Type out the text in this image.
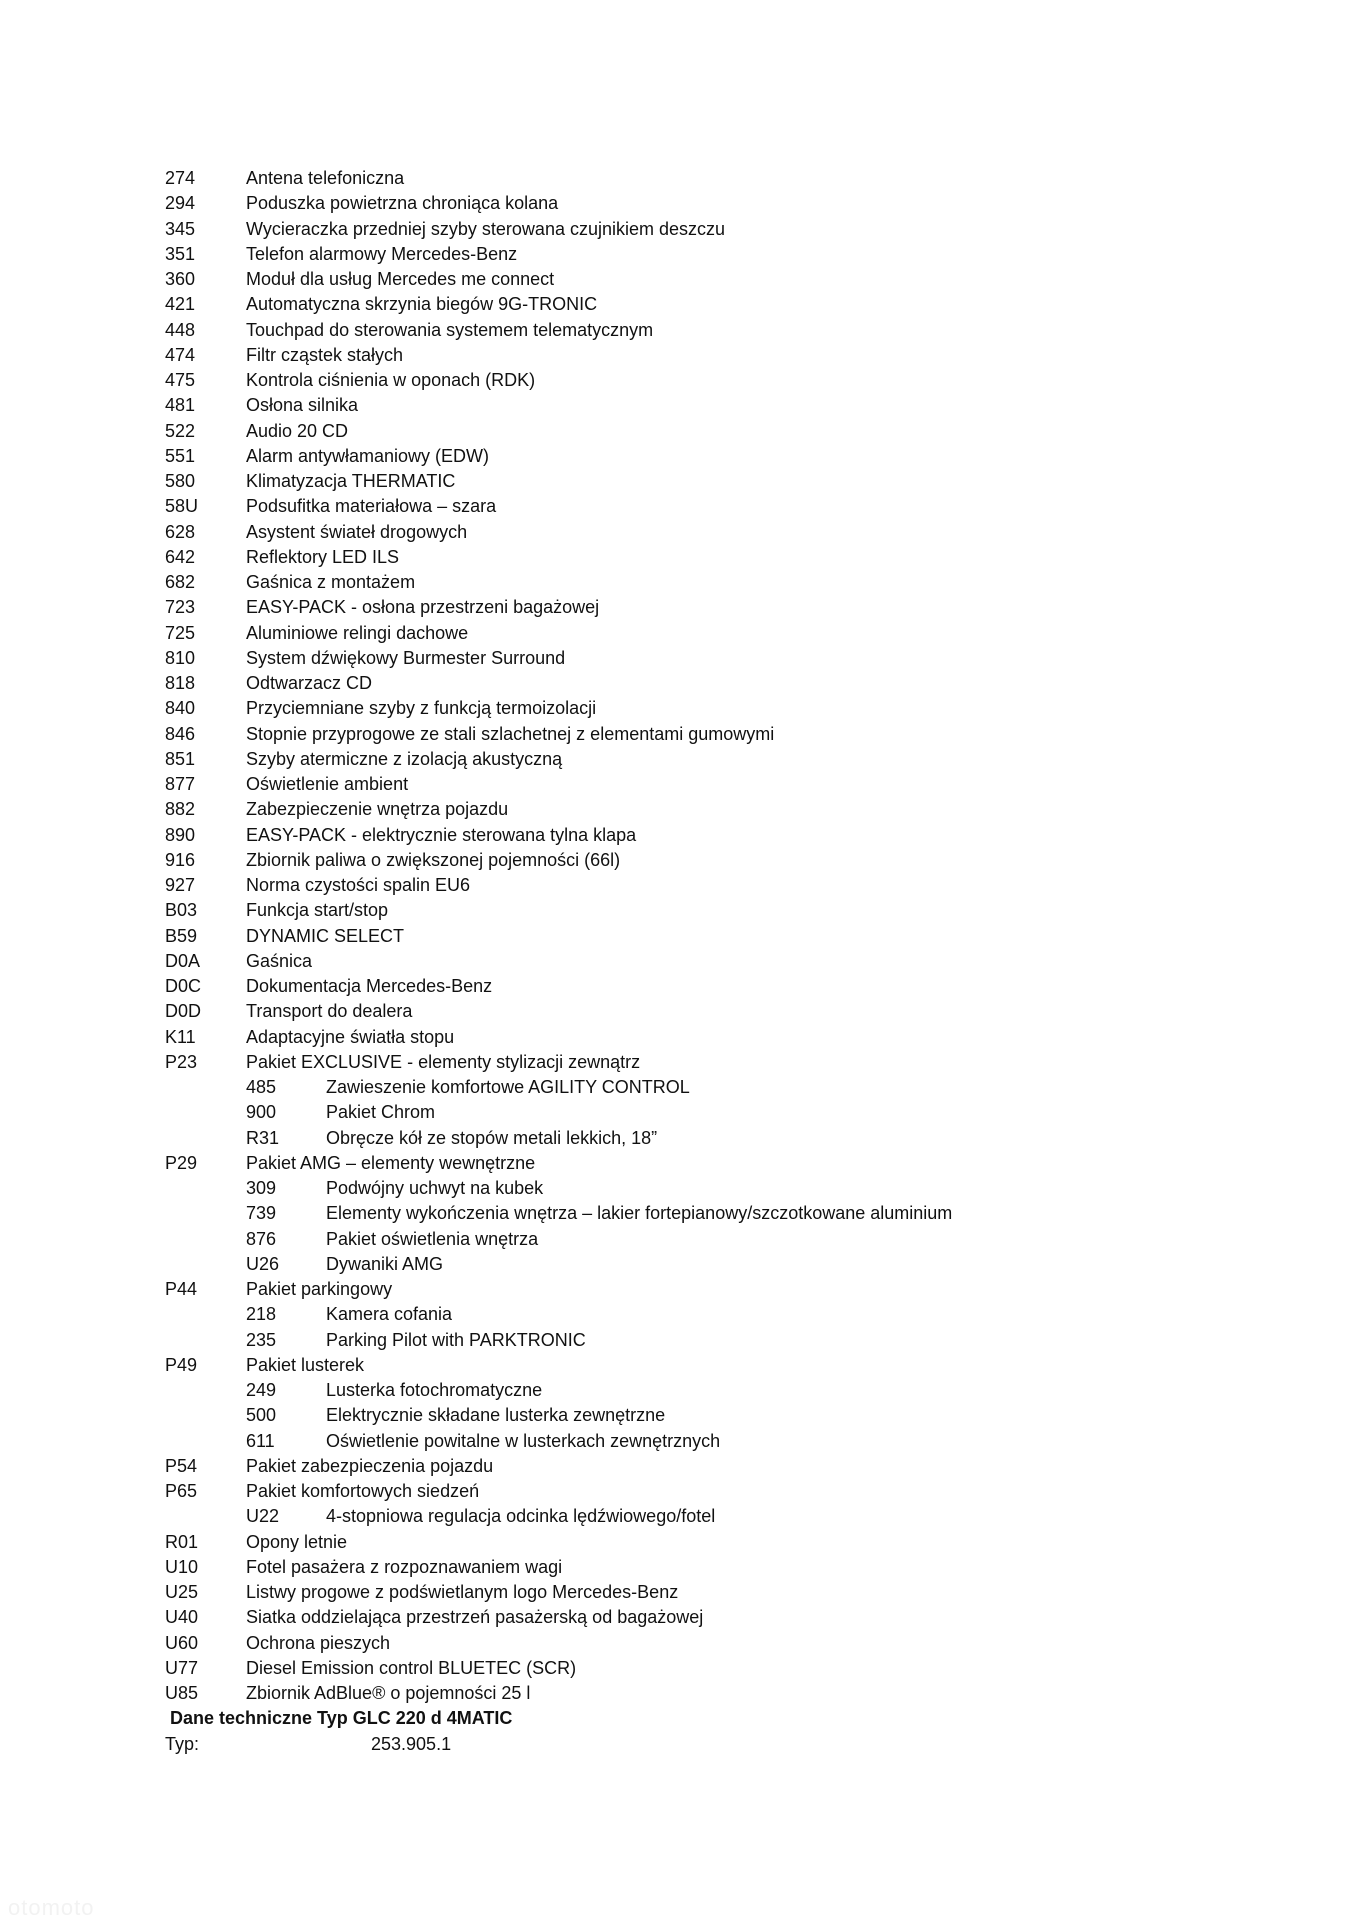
274	Antena telefoniczna
294	Poduszka powietrzna chroniąca kolana
345	Wycieraczka przedniej szyby sterowana czujnikiem deszczu
351	Telefon alarmowy Mercedes-Benz
360	Moduł dla usług Mercedes me connect
421	Automatyczna skrzynia biegów 9G-TRONIC
448	Touchpad do sterowania systemem telematycznym
474	Filtr cząstek stałych
475	Kontrola ciśnienia w oponach (RDK)
481	Osłona silnika
522	Audio 20 CD
551	Alarm antywłamaniowy (EDW)
580	Klimatyzacja THERMATIC
58U	Podsufitka materiałowa – szara
628	Asystent świateł drogowych
642	Reflektory LED ILS
682	Gaśnica z montażem
723	EASY-PACK - osłona przestrzeni bagażowej
725	Aluminiowe relingi dachowe
810	System dźwiękowy Burmester Surround
818	Odtwarzacz CD
840	Przyciemniane szyby z funkcją termoizolacji
846	Stopnie przyprogowe ze stali szlachetnej z elementami gumowymi
851	Szyby atermiczne z izolacją akustyczną
877	Oświetlenie ambient
882	Zabezpieczenie wnętrza pojazdu
890	EASY-PACK - elektrycznie sterowana tylna klapa
916	Zbiornik paliwa o zwiększonej pojemności (66l)
927	Norma czystości spalin EU6
B03	Funkcja start/stop
B59	DYNAMIC SELECT
D0A	Gaśnica
D0C Dokumentacja Mercedes-Benz
D0D Transport do dealera
K11	Adaptacyjne światła stopu
P23	Pakiet EXCLUSIVE - elementy stylizacji zewnątrz
485	Zawieszenie komfortowe AGILITY CONTROL
900	Pakiet Chrom
R31	Obręcze kół ze stopów metali lekkich, 18”
P29	Pakiet AMG – elementy wewnętrzne
309	Podwójny uchwyt na kubek
739	Elementy wykończenia wnętrza – lakier fortepianowy/szczotkowane aluminium
876	Pakiet oświetlenia wnętrza
U26	Dywaniki AMG
P44	Pakiet parkingowy
218	Kamera cofania
235	Parking Pilot with PARKTRONIC
P49	Pakiet lusterek
249	Lusterka fotochromatyczne
500	Elektrycznie składane lusterka zewnętrzne
611	Oświetlenie powitalne w lusterkach zewnętrznych
P54	Pakiet zabezpieczenia pojazdu
P65	Pakiet komfortowych siedzeń
U22	4-stopniowa regulacja odcinka lędźwiowego/fotel
R01	Opony letnie
U10	Fotel pasażera z rozpoznawaniem wagi
U25	Listwy progowe z podświetlanym logo Mercedes-Benz
U40	Siatka oddzielająca przestrzeń pasażerską od bagażowej
U60	Ochrona pieszych
U77	Diesel Emission control BLUETEC (SCR)
U85	Zbiornik AdBlue® o pojemności 25 l
Dane techniczne Typ GLC 220 d 4MATIC
Typ:	253.905.1
otomoto
